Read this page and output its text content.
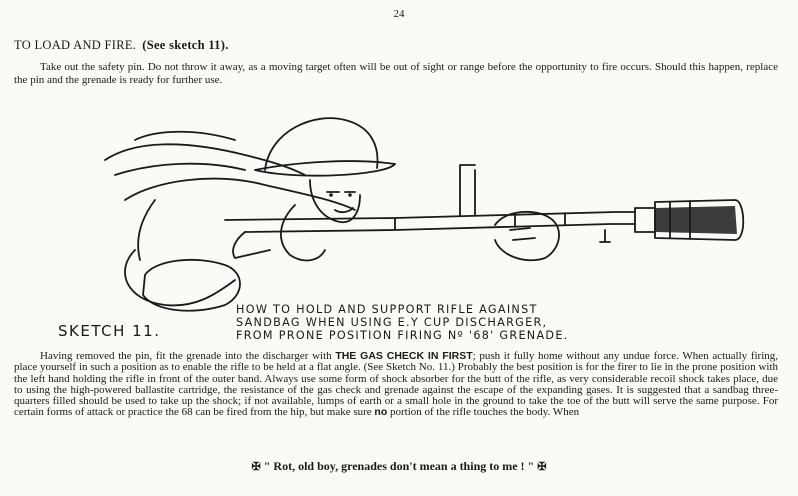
24
TO LOAD AND FIRE. (See sketch 11).
Take out the safety pin. Do not throw it away, as a moving target often will be out of sight or range before the opportunity to fire occurs. Should this happen, replace the pin and the grenade is ready for further use.
SKETCH 11.
HOW TO HOLD AND SUPPORT RIFLE AGAINST
SANDBAG WHEN USING E.Y CUP DISCHARGER,
FROM PRONE POSITION FIRING Nº '68' GRENADE.
Having removed the pin, fit the grenade into the discharger with THE GAS CHECK IN FIRST; push it fully home without any undue force. When actually firing, place yourself in such a position as to enable the rifle to be held at a flat angle. (See Sketch No. 11.) Probably the best position is for the firer to lie in the prone position with the left hand holding the rifle in front of the outer band. Always use some form of shock absorber for the butt of the rifle, as very considerable recoil shock takes place, due to using the high-powered ballastite cartridge, the resistance of the gas check and grenade against the escape of the expanding gases. It is suggested that a sandbag three-quarters filled should be used to take up the shock; if not available, lumps of earth or a small hole in the ground to take the toe of the butt will serve the same purpose. For certain forms of attack or practice the 68 can be fired from the hip, but make sure no portion of the rifle touches the body. When
✠ " Rot, old boy, grenades don't mean a thing to me ! " ✠
